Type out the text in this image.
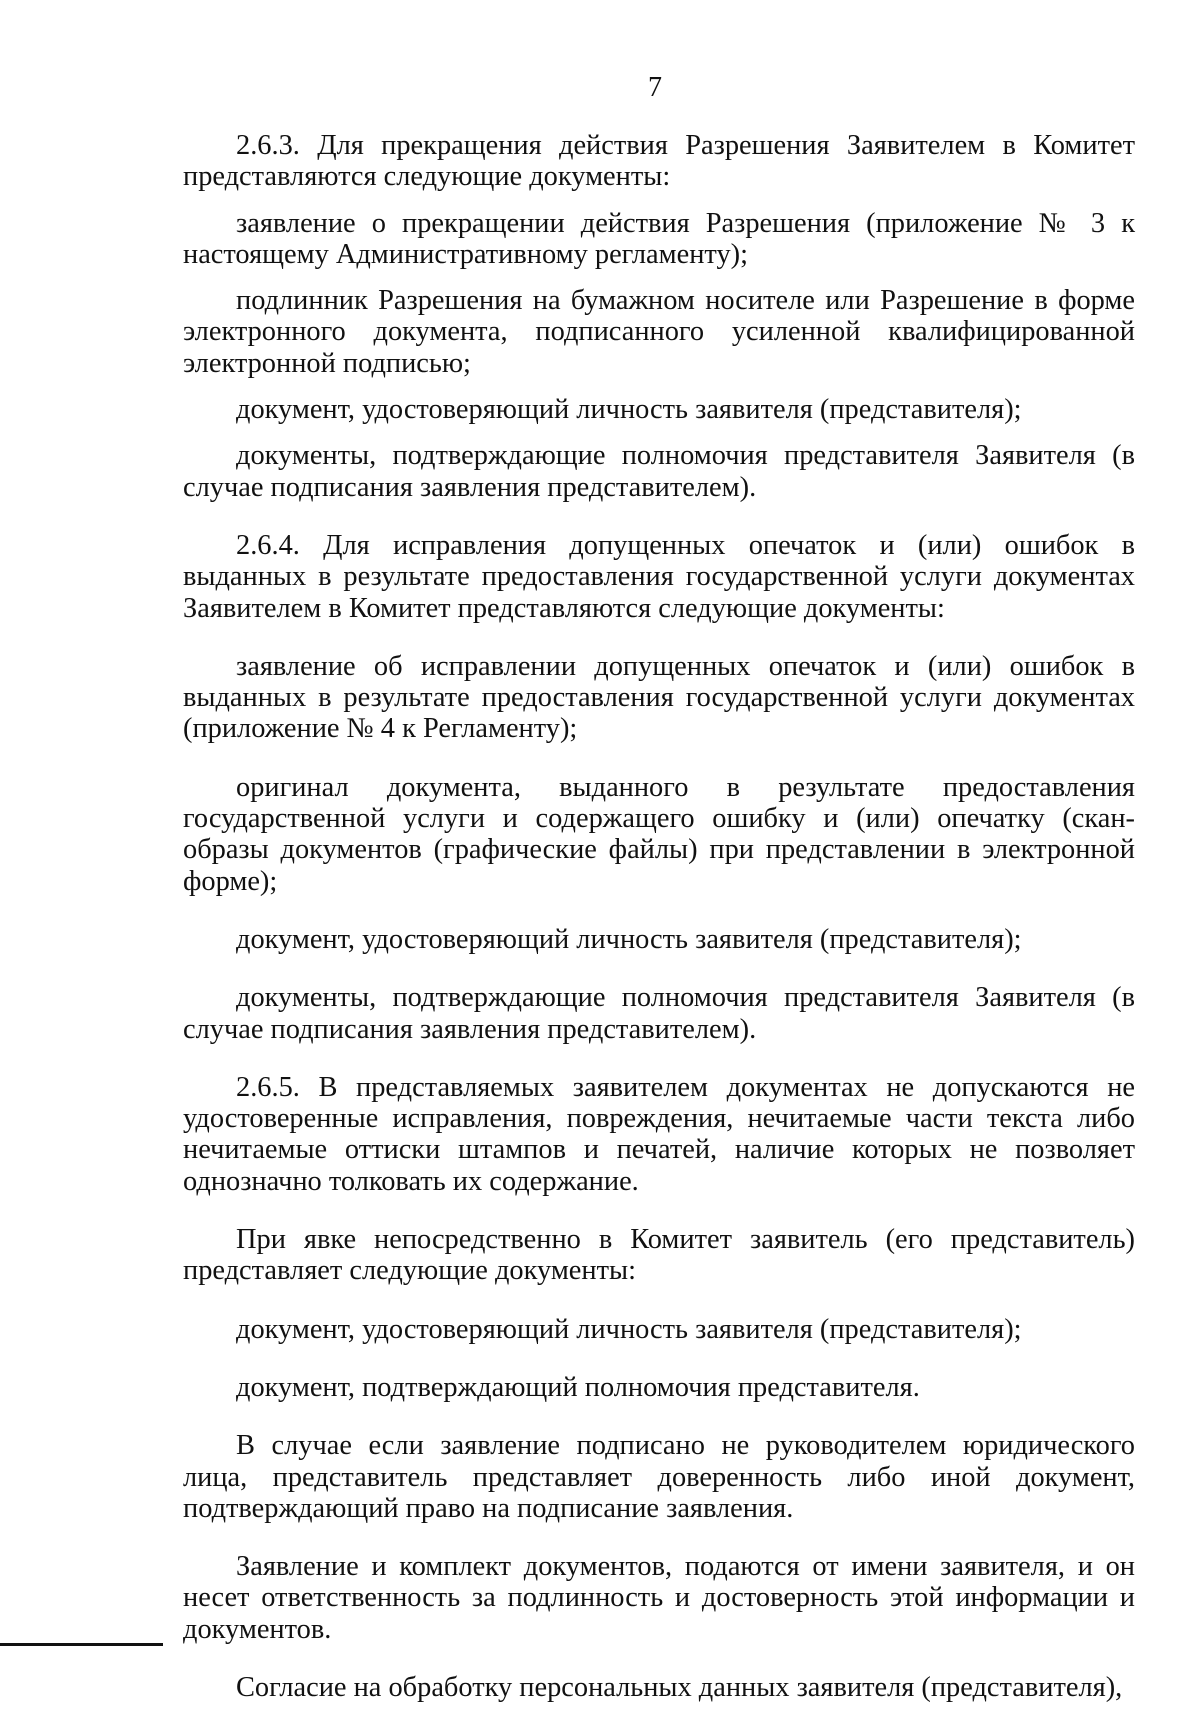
7

2.6.3. Для прекращения действия Разрешения Заявителем в Комитет представляются следующие документы:

заявление о прекращении действия Разрешения (приложение № 3 к настоящему Административному регламенту);

подлинник Разрешения на бумажном носителе или Разрешение в форме электронного документа, подписанного усиленной квалифицированной электронной подписью;

документ, удостоверяющий личность заявителя (представителя);

документы, подтверждающие полномочия представителя Заявителя (в случае подписания заявления представителем).

2.6.4. Для исправления допущенных опечаток и (или) ошибок в выданных в результате предоставления государственной услуги документах Заявителем в Комитет представляются следующие документы:

заявление об исправлении допущенных опечаток и (или) ошибок в выданных в результате предоставления государственной услуги документах (приложение № 4 к Регламенту);

оригинал документа, выданного в результате предоставления государственной услуги и содержащего ошибку и (или) опечатку (скан-образы документов (графические файлы) при представлении в электронной форме);

документ, удостоверяющий личность заявителя (представителя);

документы, подтверждающие полномочия представителя Заявителя (в случае подписания заявления представителем).

2.6.5. В представляемых заявителем документах не допускаются не удостоверенные исправления, повреждения, нечитаемые части текста либо нечитаемые оттиски штампов и печатей, наличие которых не позволяет однозначно толковать их содержание.

При явке непосредственно в Комитет заявитель (его представитель) представляет следующие документы:

документ, удостоверяющий личность заявителя (представителя);

документ, подтверждающий полномочия представителя.

В случае если заявление подписано не руководителем юридического лица, представитель представляет доверенность либо иной документ, подтверждающий право на подписание заявления.

Заявление и комплект документов, подаются от имени заявителя, и он несет ответственность за подлинность и достоверность этой информации и документов.

Согласие на обработку персональных данных заявителя (представителя),
